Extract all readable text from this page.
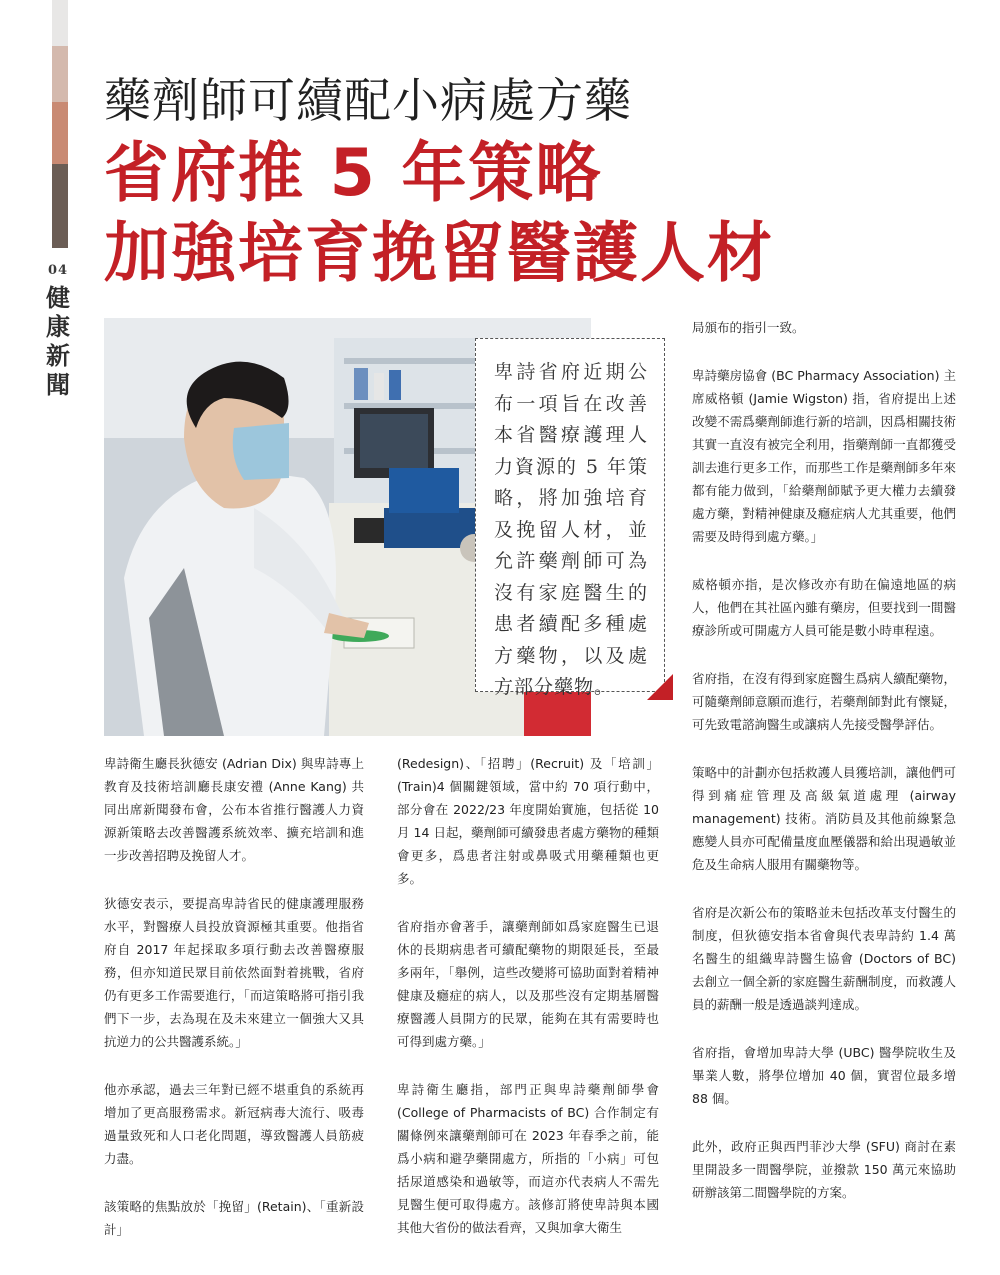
04
健
康
新
聞
藥劑師可續配小病處方藥
省府推 5 年策略
加強培育挽留醫護人材
卑詩省府近期公布一項旨在改善本省醫療護理人力資源的 5 年策略，將加強培育及挽留人材，並允許藥劑師可為沒有家庭醫生的患者續配多種處方藥物，以及處方部分藥物。

卑詩衛生廳長狄德安 (Adrian Dix) 與卑詩專上教育及技術培訓廳長康安禮 (Anne Kang) 共同出席新聞發布會，公布本省推行醫護人力資源新策略去改善醫護系統效率、擴充培訓和進一步改善招聘及挽留人才。

狄德安表示，要提高卑詩省民的健康護理服務水平，對醫療人員投放資源極其重要。他指省府自 2017 年起採取多項行動去改善醫療服務，但亦知道民眾目前依然面對着挑戰，省府仍有更多工作需要進行，「而這策略將可指引我們下一步，去為現在及未來建立一個強大又具抗逆力的公共醫護系統。」

他亦承認，過去三年對已經不堪重負的系統再增加了更高服務需求。新冠病毒大流行、吸毒過量致死和人口老化問題，導致醫護人員筋疲力盡。

該策略的焦點放於「挽留」(Retain)、「重新設計」

(Redesign)、「招聘」(Recruit) 及「培訓」(Train)4 個關鍵領域，當中約 70 項行動中，部分會在 2022/23 年度開始實施，包括從 10 月 14 日起，藥劑師可續發患者處方藥物的種類會更多，爲患者注射或鼻吸式用藥種類也更多。

省府指亦會著手，讓藥劑師如爲家庭醫生已退休的長期病患者可續配藥物的期限延長，至最多兩年，「舉例，這些改變將可協助面對着精神健康及癮症的病人，以及那些沒有定期基層醫療醫護人員開方的民眾，能夠在其有需要時也可得到處方藥。」

卑詩衛生廳指，部門正與卑詩藥劑師學會 (College of Pharmacists of BC) 合作制定有關條例來讓藥劑師可在 2023 年春季之前，能爲小病和避孕藥開處方，所指的「小病」可包括尿道感染和過敏等，而這亦代表病人不需先見醫生便可取得處方。該修訂將使卑詩與本國其他大省份的做法看齊，又與加拿大衛生

局頒布的指引一致。

卑詩藥房協會 (BC Pharmacy Association) 主席威格頓 (Jamie Wigston) 指，省府提出上述改變不需爲藥劑師進行新的培訓，因爲相關技術其實一直沒有被完全利用，指藥劑師一直都獲受訓去進行更多工作，而那些工作是藥劑師多年來都有能力做到，「給藥劑師賦予更大權力去續發處方藥，對精神健康及癮症病人尤其重要，他們需要及時得到處方藥。」

威格頓亦指，是次修改亦有助在偏遠地區的病人，他們在其社區內雖有藥房，但要找到一間醫療診所或可開處方人員可能是數小時車程遠。

省府指，在沒有得到家庭醫生爲病人續配藥物，可隨藥劑師意願而進行，若藥劑師對此有懷疑，可先致電諮詢醫生或讓病人先接受醫學評估。

策略中的計劃亦包括救護人員獲培訓，讓他們可得到痛症管理及高級氣道處理 (airway management) 技術。消防員及其他前線緊急應變人員亦可配備量度血壓儀器和給出現過敏並危及生命病人服用有關藥物等。

省府是次新公布的策略並未包括改革支付醫生的制度，但狄德安指本省會與代表卑詩約 1.4 萬名醫生的組織卑詩醫生協會 (Doctors of BC) 去創立一個全新的家庭醫生薪酬制度，而救護人員的薪酬一般是透過談判達成。

省府指，會增加卑詩大學 (UBC) 醫學院收生及畢業人數，將學位增加 40 個，實習位最多增 88 個。

此外，政府正與西門菲沙大學 (SFU) 商討在素里開設多一間醫學院，並撥款 150 萬元來協助研辦該第二間醫學院的方案。
